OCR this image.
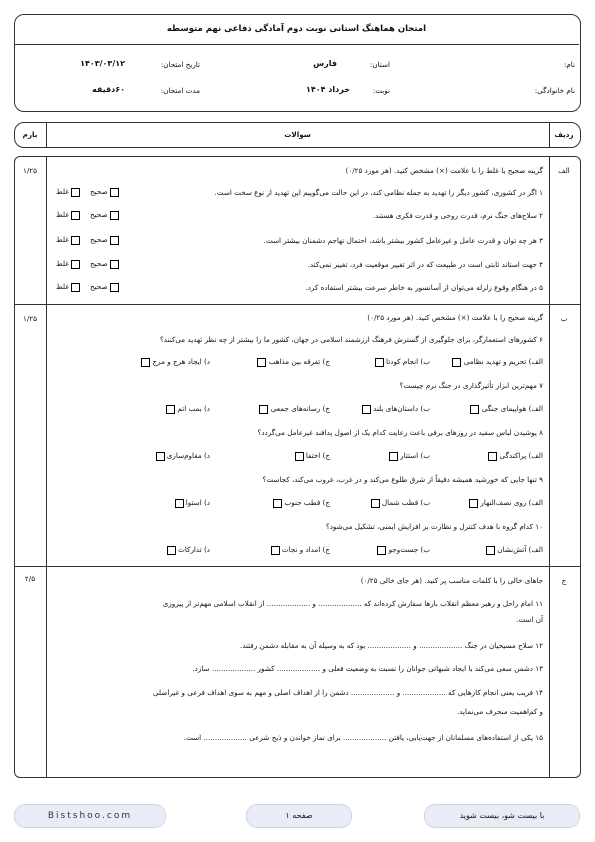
امتحان هماهنگ استانی نوبت دوم آمادگی دفاعی نهم متوسطه
نام:
استان:
فارس
تاریخ امتحان:
۱۴۰۳/۰۳/۱۲
نام خانوادگی:
نوبت:
خرداد ۱۴۰۴
مدت امتحان:
۶۰دقیقه
ردیف
سوالات
بارم
الف
۱/۲۵	گزینه صحیح یا غلط را با علامت (×) مشخص کنید. (هر مورد ۰/۲۵)
۱ اگر در کشوری، کشور دیگر را تهدید به جمله نظامی کند، در این حالت می‌گوییم این تهدید از نوع سخت است.
۲ سلاح‌های جنگ نرم، قدرت روحی و قدرت فکری هستند.
۳ هر چه توان و قدرت عامل و غیرعامل کشور بیشتر باشد، احتمال تهاجم دشمنان بیشتر است.
۴ جهت استاند ثابتی است در طبیعت که در اثر تغییر موقعیت فرد، تغییر نمی‌کند.
۵ در هنگام وقوع زلزله می‌توان از آسانسور به خاطر سرعت بیشتر استفاده کرد.
صحیح
غلط
صحیح
غلط
صحیح
غلط
صحیح
غلط
صحیح
غلط
ب
۱/۲۵	گزینه صحیح را با علامت (×) مشخص کنید. (هر مورد ۰/۲۵)
۶ کشورهای استعمارگر، برای جلوگیری از گسترش فرهنگ ارزشمند اسلامی در جهان، کشور ما را بیشتر از چه نظر تهدید می‌کنند؟
الف) تحریم و تهدید نظامی
ب) انجام کودتا
ج) تفرقه بین مذاهب
د) ایجاد هرج و مرج
۷ مهم‌ترین ابزار تأثیرگذاری در جنگ نرم چیست؟
الف) هواپیمای جنگی
ب) داستان‌های بلند
ج) رسانه‌های جمعی
د) بمب اتم
۸ پوشیدن لباس سفید در روزهای برفی باعث رعایت کدام یک از اصول پدافند غیرعامل می‌گردد؟
الف) پراکندگی
ب) استتار
ج) اختفا
د) مقاوم‌سازی
۹ تنها جایی که خورشید همیشه دقیقاً از شرق طلوع می‌کند و در غرب، غروب می‌کند، کجاست؟
الف) روی نصف‌النهار
ب) قطب شمال
ج) قطب جنوب
د) استوا
۱۰ کدام گروه با هدف کنترل و نظارت بر افزایش ایمنی، تشکیل می‌شود؟
الف) آتش‌نشان
ب) جست‌وجو
ج) امداد و نجات
د) تدارکات
ج
۲/۵	جاهای خالی را با کلمات مناسب پر کنید. (هر جای خالی ۰/۲۵)
۱۱ امام راحل و رهبر معظم انقلاب بارها سفارش کرده‌اند که ................... و ................... از انقلاب اسلامی مهم‌تر از پیروزی
آن است.
۱۲ سلاح مسیحیان در جنگ ................... و ................... بود که به وسیله آن به مقابله دشمن رفتند.
۱۳ دشمن سعی می‌کند با ایجاد شبهاتی جوانان را نسبت به وضعیت فعلی و ................... کشور ................... سازد.
۱۴ فریب یعنی انجام کارهایی که ................... و ................... دشمن را از اهداف اصلی و مهم به سوی اهداف فرعی و غیراصلی
و کم‌اهمیت منحرف می‌نماید.
۱۵ یکی از استفاده‌های مسلمانان از جهت‌یابی، یافتن ................... برای نماز خواندن و ذبح شرعی ................... است.
Bistshoo.com	صفحه ۱	با بیست شو، بیست شوید
